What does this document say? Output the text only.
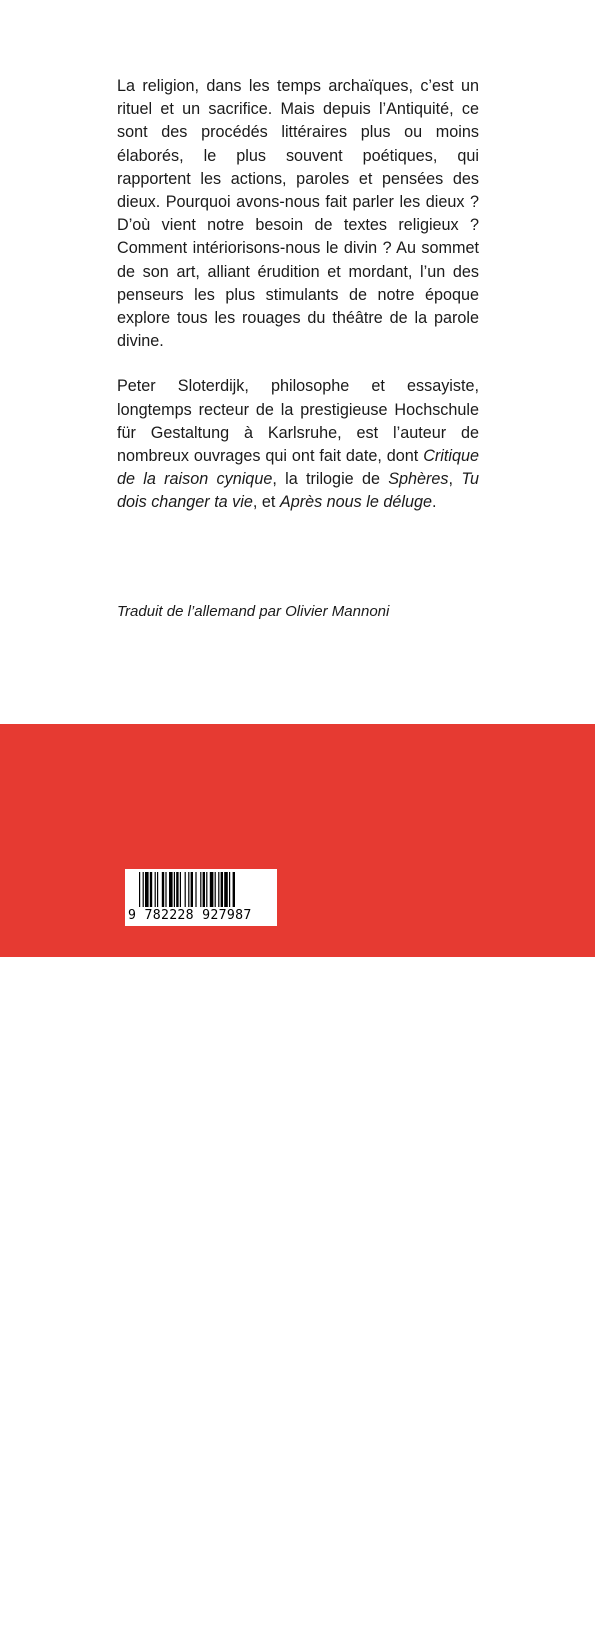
La religion, dans les temps archaïques, c’est un rituel et un sacrifice. Mais depuis l’Antiquité, ce sont des procédés littéraires plus ou moins élaborés, le plus souvent poétiques, qui rapportent les actions, paroles et pensées des dieux. Pourquoi avons-nous fait parler les dieux ? D’où vient notre besoin de textes religieux ? Comment intériorisons-nous le divin ? Au sommet de son art, alliant érudition et mordant, l’un des penseurs les plus stimulants de notre époque explore tous les rouages du théâtre de la parole divine.

Peter Sloterdijk, philosophe et essayiste, longtemps recteur de la prestigieuse Hochschule für Gestaltung à Karlsruhe, est l’auteur de nombreux ouvrages qui ont fait date, dont Critique de la raison cynique, la trilogie de Sphères, Tu dois changer ta vie, et Après nous le déluge.

Traduit de l’allemand par Olivier Mannoni
payot-rivages.fr
Prix : 24 €
ISBN : 978-2-228-92798-7
9 782228 927987
